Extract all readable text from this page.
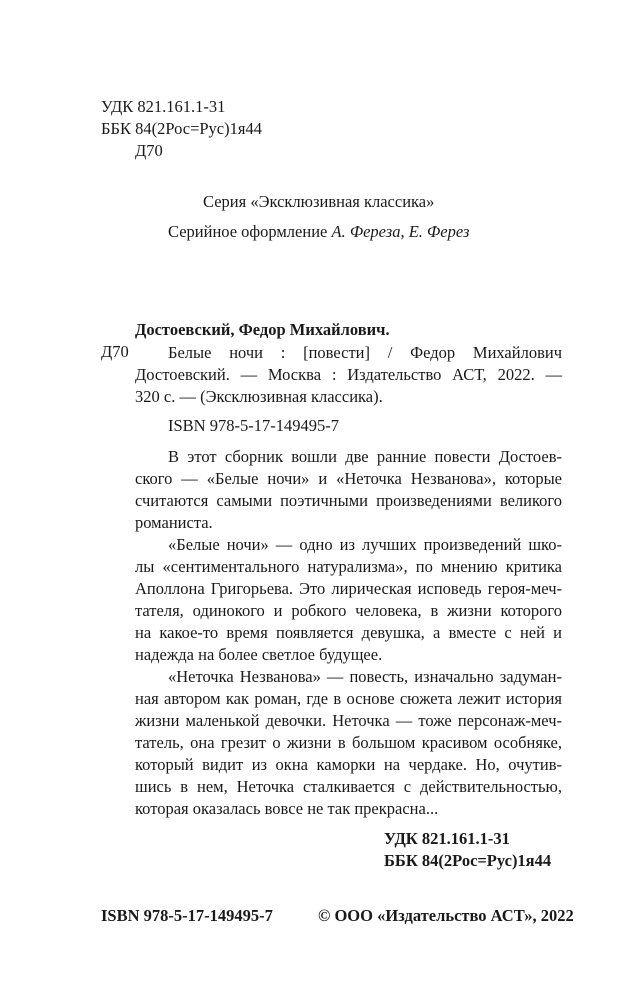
УДК 821.161.1-31
ББК 84(2Рос=Рус)1я44
Д70
Серия «Эксклюзивная классика»
Серийное оформление А. Фереза, Е. Ферез
Достоевский, Федор Михайлович.
Д70 Белые ночи : [повести] / Федор Михайлович
Достоевский. — Москва : Издательство АСТ, 2022. —
320 с. — (Эксклюзивная классика).
ISBN 978-5-17-149495-7
В этот сборник вошли две ранние повести Достоев-
ского — «Белые ночи» и «Неточка Незванова», которые
считаются самыми поэтичными произведениями великого
романиста.
«Белые ночи» — одно из лучших произведений шко-
лы «сентиментального натурализма», по мнению критика
Аполлона Григорьева. Это лирическая исповедь героя-меч-
тателя, одинокого и робкого человека, в жизни которого
на какое-то время появляется девушка, а вместе с ней и
надежда на более светлое будущее.
«Неточка Незванова» — повесть, изначально задуман-
ная автором как роман, где в основе сюжета лежит история
жизни маленькой девочки. Неточка — тоже персонаж-меч-
татель, она грезит о жизни в большом красивом особняке,
который видит из окна каморки на чердаке. Но, очутив-
шись в нем, Неточка сталкивается с действительностью,
которая оказалась вовсе не так прекрасна...
УДК 821.161.1-31
ББК 84(2Рос=Рус)1я44
ISBN 978-5-17-149495-7	© ООО «Издательство АСТ», 2022
